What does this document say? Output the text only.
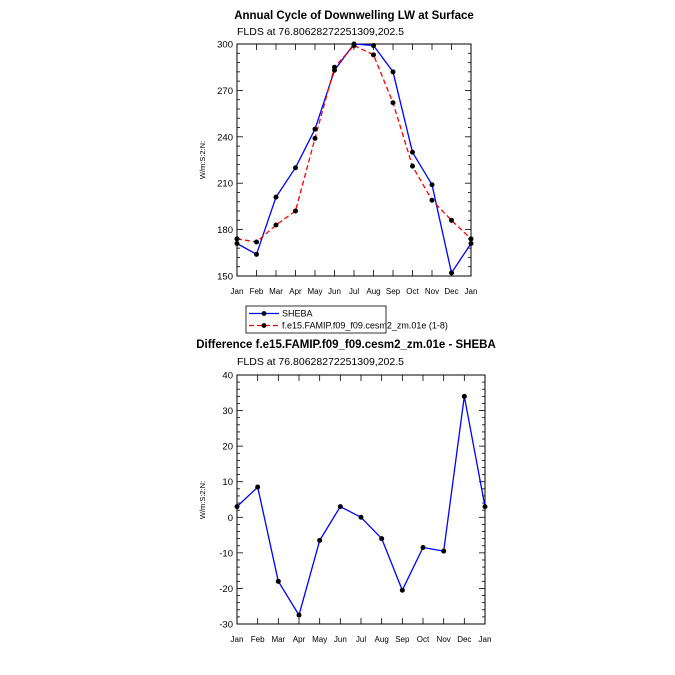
Annual Cycle of Downwelling LW at Surface
FLDS at 76.80628272251309,202.5
W/m:S:2:N:
150
180
210
240
270
300
Jan Feb Mar Apr May Jun Jul Aug Sep Oct Nov Dec Jan
SHEBA
f.e15.FAMIP.f09_f09.cesm2_zm.01e (1-8)
Difference f.e15.FAMIP.f09_f09.cesm2_zm.01e - SHEBA
FLDS at 76.80628272251309,202.5
W/m:S:2:N:
-30
-20
-10
0
10
20
30
40
Jan Feb Mar Apr May Jun Jul Aug Sep Oct Nov Dec Jan
